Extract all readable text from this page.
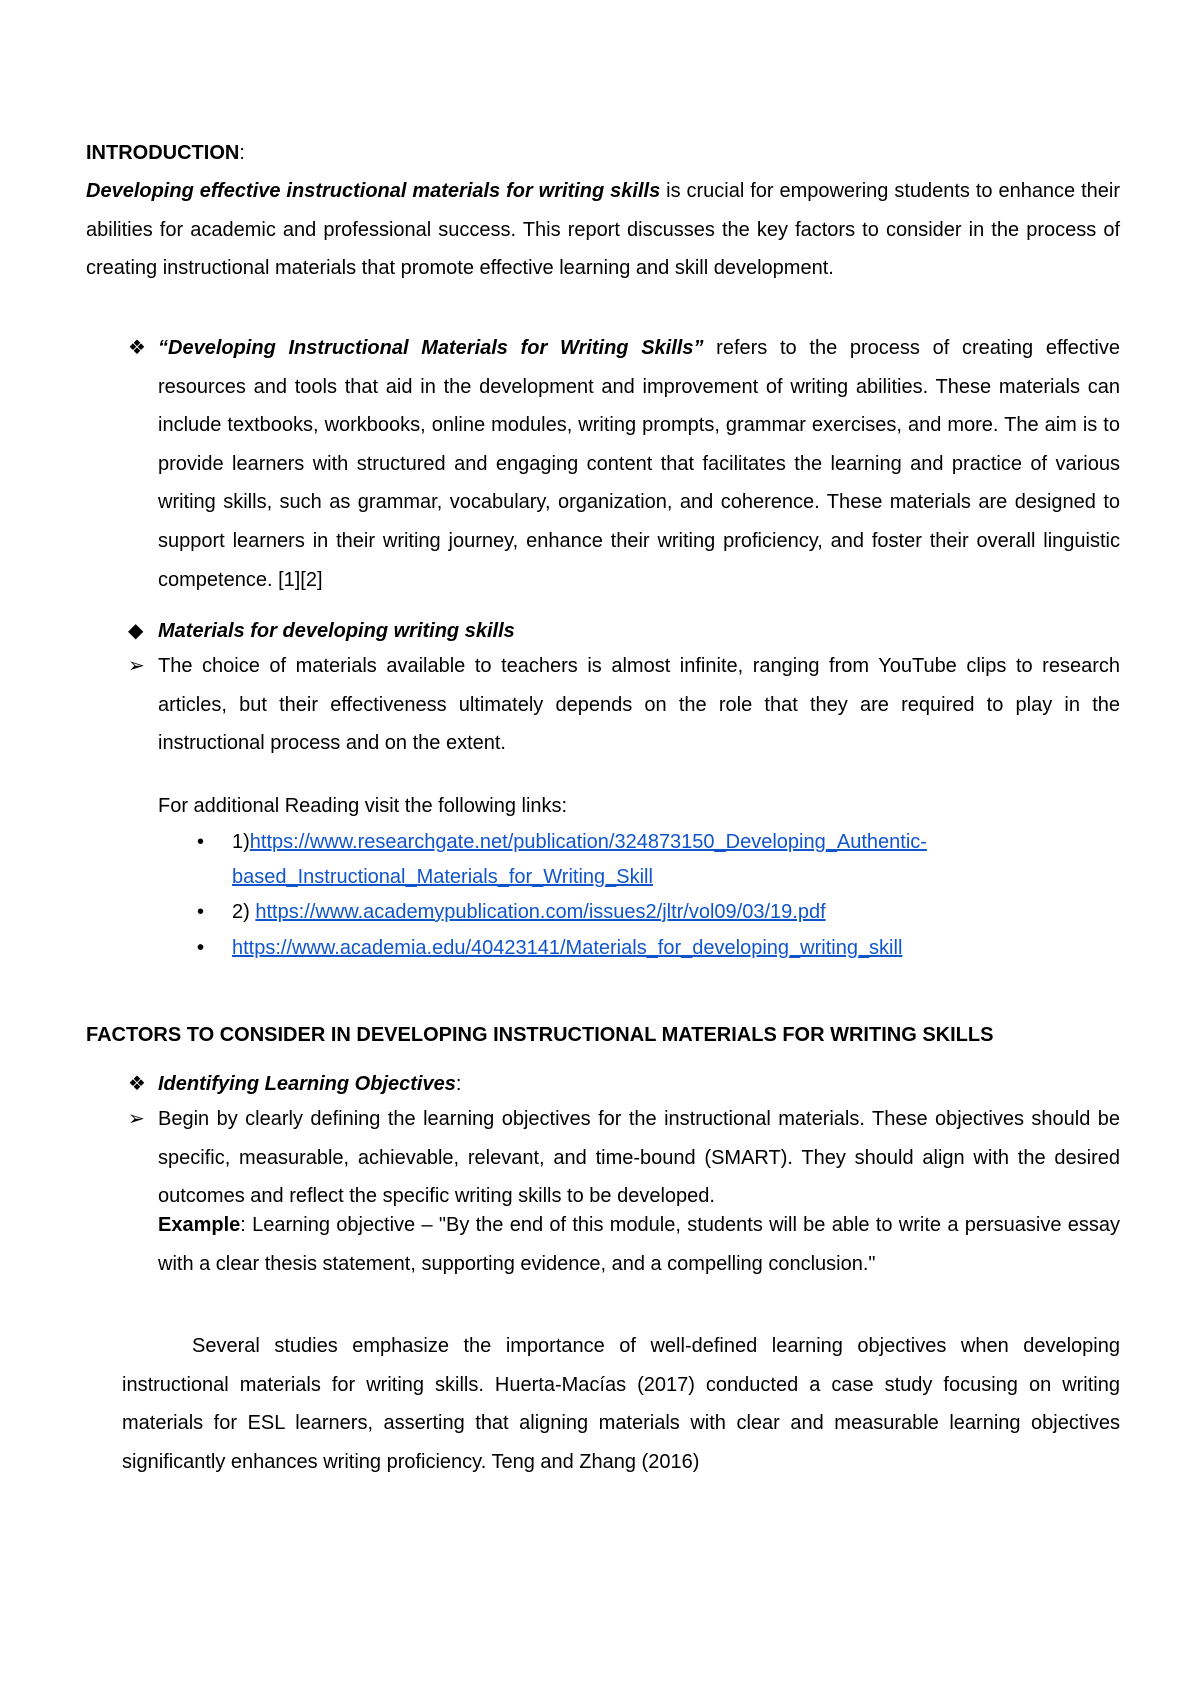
INTRODUCTION:

Developing effective instructional materials for writing skills is crucial for empowering students to enhance their abilities for academic and professional success. This report discusses the key factors to consider in the process of creating instructional materials that promote effective learning and skill development.

❖ “Developing Instructional Materials for Writing Skills” refers to the process of creating effective resources and tools that aid in the development and improvement of writing abilities. These materials can include textbooks, workbooks, online modules, writing prompts, grammar exercises, and more. The aim is to provide learners with structured and engaging content that facilitates the learning and practice of various writing skills, such as grammar, vocabulary, organization, and coherence. These materials are designed to support learners in their writing journey, enhance their writing proficiency, and foster their overall linguistic competence. [1][2]

◆ Materials for developing writing skills
➢ The choice of materials available to teachers is almost infinite, ranging from YouTube clips to research articles, but their effectiveness ultimately depends on the role that they are required to play in the instructional process and on the extent.

For additional Reading visit the following links:
• 1)https://www.researchgate.net/publication/324873150_Developing_Authentic-
based_Instructional_Materials_for_Writing_Skill
• 2) https://www.academypublication.com/issues2/jltr/vol09/03/19.pdf
• https://www.academia.edu/40423141/Materials_for_developing_writing_skill
FACTORS TO CONSIDER IN DEVELOPING INSTRUCTIONAL MATERIALS FOR WRITING SKILLS
❖ Identifying Learning Objectives:
➢ Begin by clearly defining the learning objectives for the instructional materials. These objectives should be specific, measurable, achievable, relevant, and time-bound (SMART). They should align with the desired outcomes and reflect the specific writing skills to be developed.

Example: Learning objective – "By the end of this module, students will be able to write a persuasive essay with a clear thesis statement, supporting evidence, and a compelling conclusion."

Several studies emphasize the importance of well-defined learning objectives when developing instructional materials for writing skills. Huerta-Macías (2017) conducted a case study focusing on writing materials for ESL learners, asserting that aligning materials with clear and measurable learning objectives significantly enhances writing proficiency. Teng and Zhang (2016)
